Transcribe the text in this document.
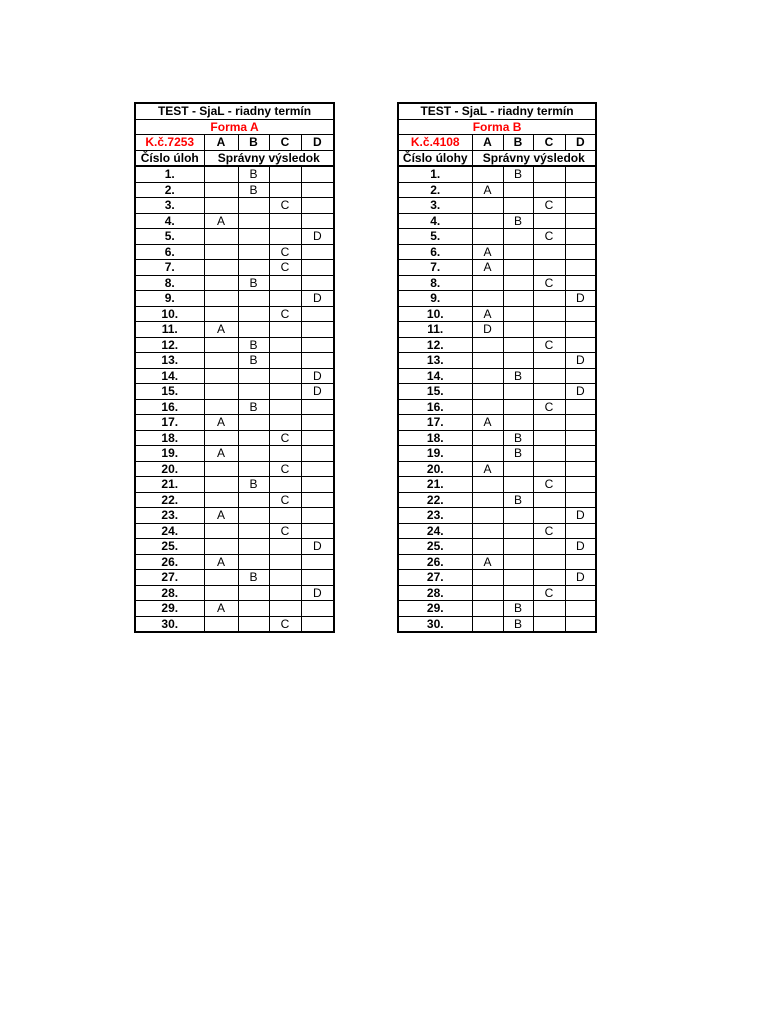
TEST - SjaL - riadny termín				
Forma A				
K.č.7253	A	B	C	D
Číslo úloh	Správny výsledok			
1.		B		
2.		B		
3.			C	
4.	A			
5.				D
6.			C	
7.			C	
8.		B		
9.				D
10.			C	
11.	A			
12.		B		
13.		B		
14.				D
15.				D
16.		B		
17.	A			
18.			C	
19.	A			
20.			C	
21.		B		
22.			C	
23.	A			
24.			C	
25.				D
26.	A			
27.		B		
28.				D
29.	A			
30.			C	
TEST - SjaL - riadny termín				
Forma B				
K.č.4108	A	B	C	D
Číslo úlohy	Správny výsledok			
1.		B		
2.	A			
3.			C	
4.		B		
5.			C	
6.	A			
7.	A			
8.			C	
9.				D
10.	A			
11.	D			
12.			C	
13.				D
14.		B		
15.				D
16.			C	
17.	A			
18.		B		
19.		B		
20.	A			
21.			C	
22.		B		
23.				D
24.			C	
25.				D
26.	A			
27.				D
28.			C	
29.		B		
30.		B		
